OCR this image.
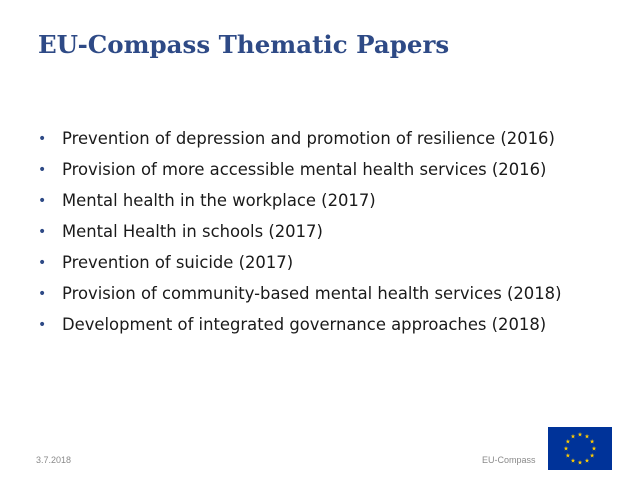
EU-Compass Thematic Papers
• Prevention of depression and promotion of resilience (2016)
• Provision of more accessible mental health services (2016)
• Mental health in the workplace (2017)
• Mental Health in schools (2017)
• Prevention of suicide (2017)
• Provision of community-based mental health services (2018)
• Development of integrated governance approaches (2018)
3.7.2018	EU-Compass
